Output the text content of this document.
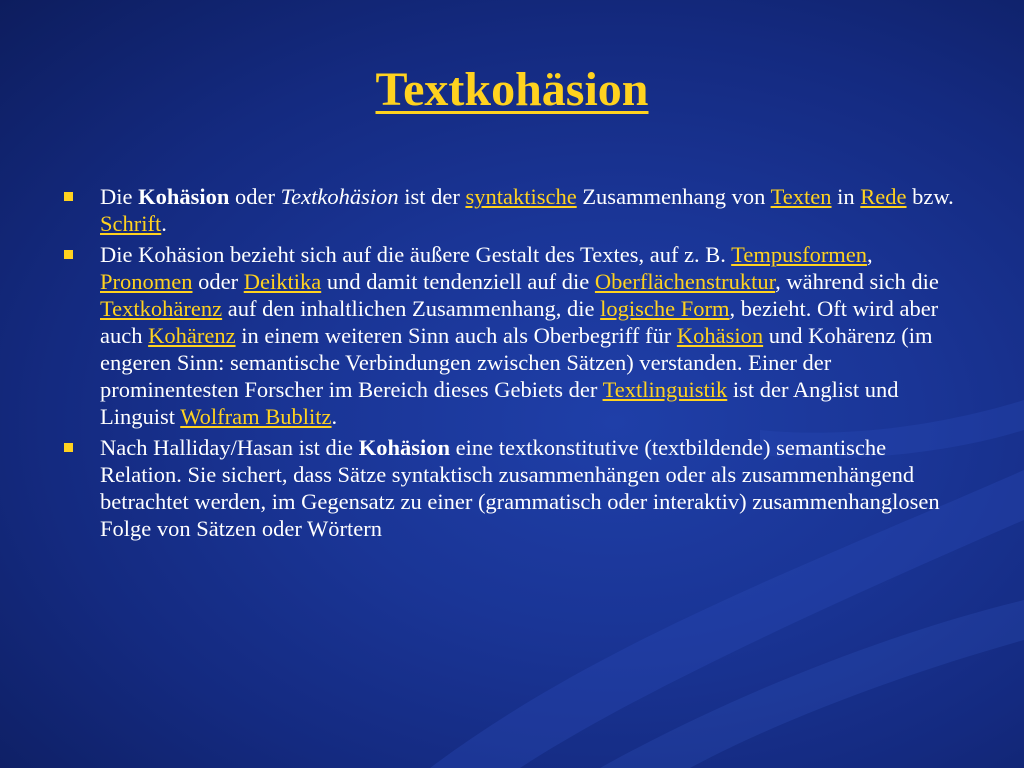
Textkohäsion
Die Kohäsion oder Textkohäsion ist der syntaktische Zusammenhang von Texten in Rede bzw. Schrift.
Die Kohäsion bezieht sich auf die äußere Gestalt des Textes, auf z. B. Tempusformen, Pronomen oder Deiktika und damit tendenziell auf die Oberflächenstruktur, während sich die Textkohärenz auf den inhaltlichen Zusammenhang, die logische Form, bezieht. Oft wird aber auch Kohärenz in einem weiteren Sinn auch als Oberbegriff für Kohäsion und Kohärenz (im engeren Sinn: semantische Verbindungen zwischen Sätzen) verstanden. Einer der prominentesten Forscher im Bereich dieses Gebiets der Textlinguistik ist der Anglist und Linguist Wolfram Bublitz.
Nach Halliday/Hasan ist die Kohäsion eine textkonstitutive (textbildende) semantische Relation. Sie sichert, dass Sätze syntaktisch zusammenhängen oder als zusammenhängend betrachtet werden, im Gegensatz zu einer (grammatisch oder interaktiv) zusammenhanglosen Folge von Sätzen oder Wörtern
